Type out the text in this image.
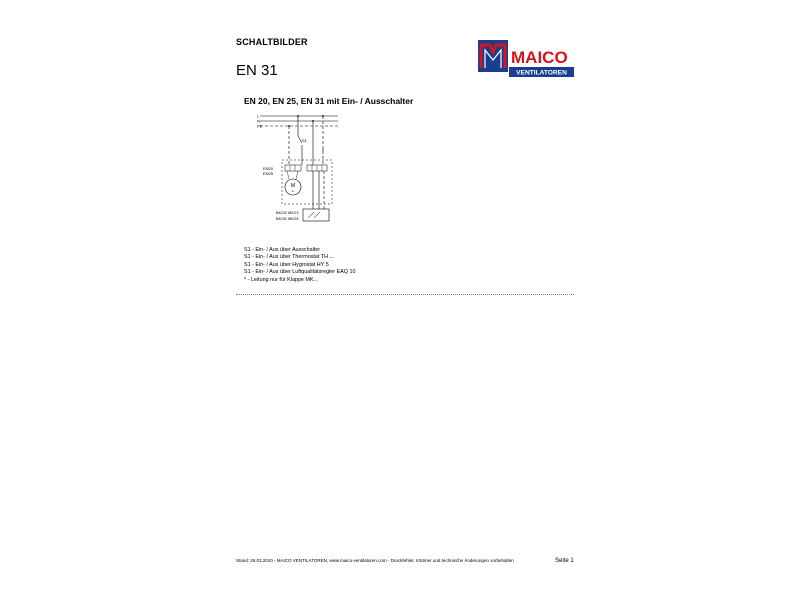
SCHALTBILDER
EN 31
MAICO
VENTILATOREN
EN 20, EN 25, EN 31 mit Ein- / Ausschalter
L
N
PE
S1
*
EN20
EN25
M
1~
BK23/ MK23
BK25/ MK25
S1 - Ein- / Aus über Ausschalter
S1 - Ein- / Aus über Thermostat TH ...
S1 - Ein- / Aus über Hygrostat HY 5
S1 - Ein- / Aus über Luftqualitätsregler EAQ 10
* - Leitung nur für Klappe MK...
Stand: 26.03.2010 - MAICO VENTILATOREN, www.maico-ventilatoren.com - Druckfehler, Irrtümer und technische Änderungen vorbehalten	Seite 1
